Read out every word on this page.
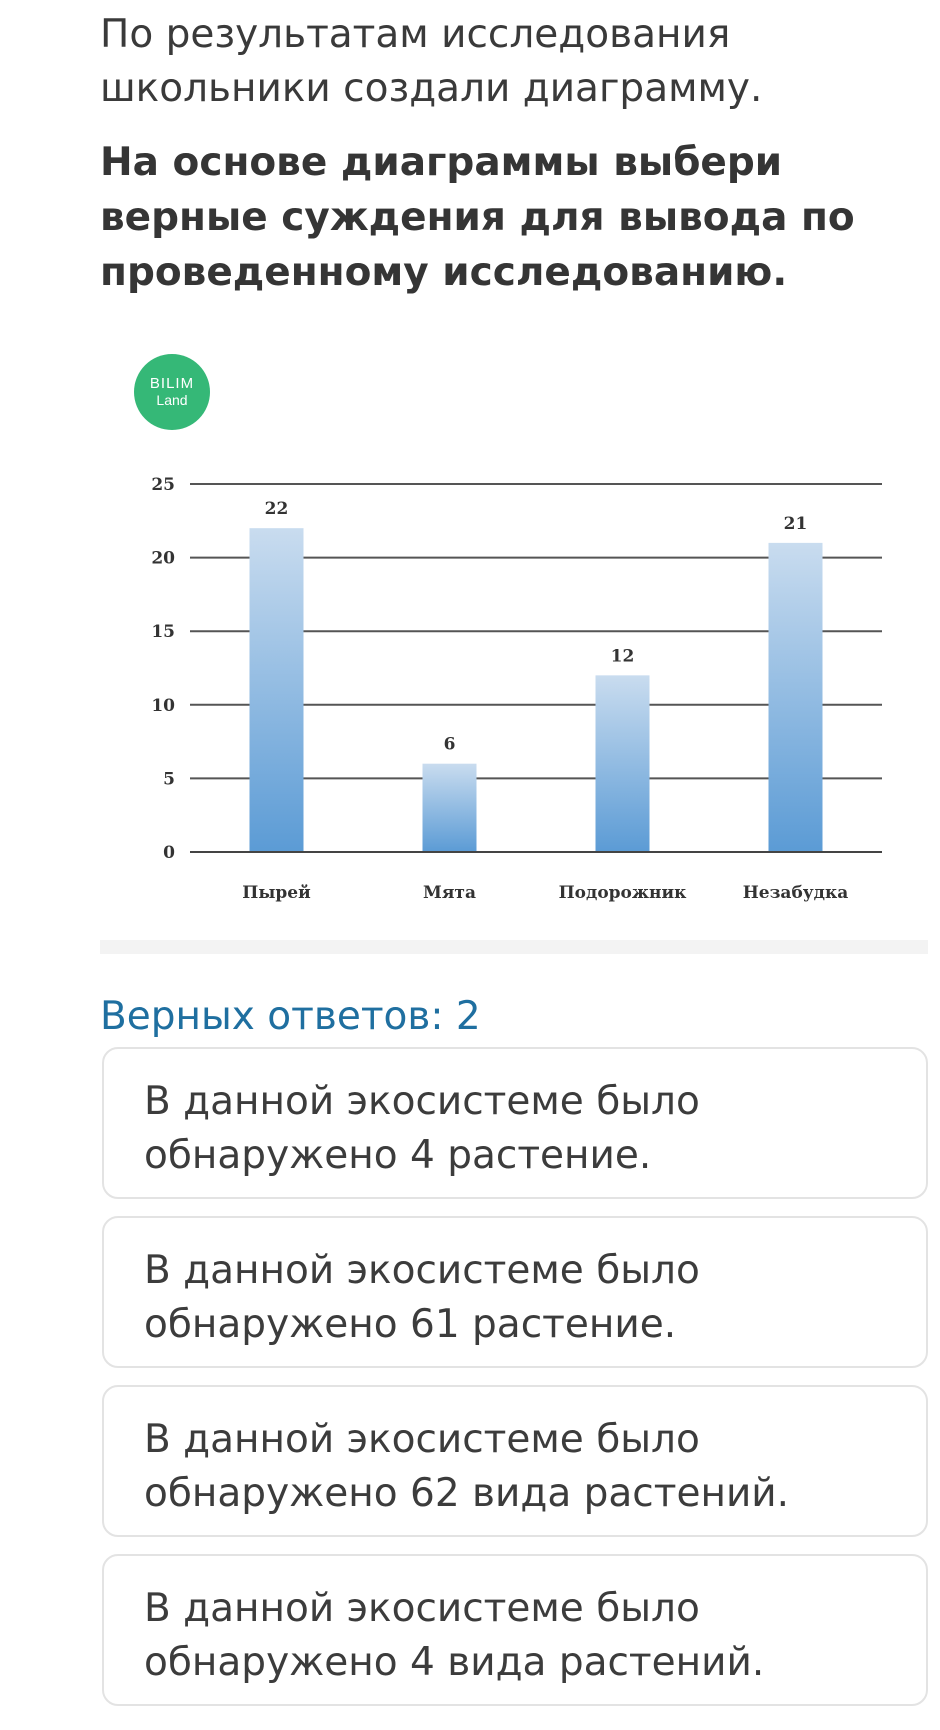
По результатам исследования школьники создали диаграмму.

На основе диаграммы выбери верные суждения для вывода по проведенному исследованию.
BILIM
Land
0
5
10
15
20
25
22
Пырей
6
Мята
12
Подорожник
21
Незабудка
Верных ответов: 2
В данной экосистеме было обнаружено 4 растение.
В данной экосистеме было обнаружено 61 растение.
В данной экосистеме было обнаружено 62 вида растений.
В данной экосистеме было обнаружено 4 вида растений.
